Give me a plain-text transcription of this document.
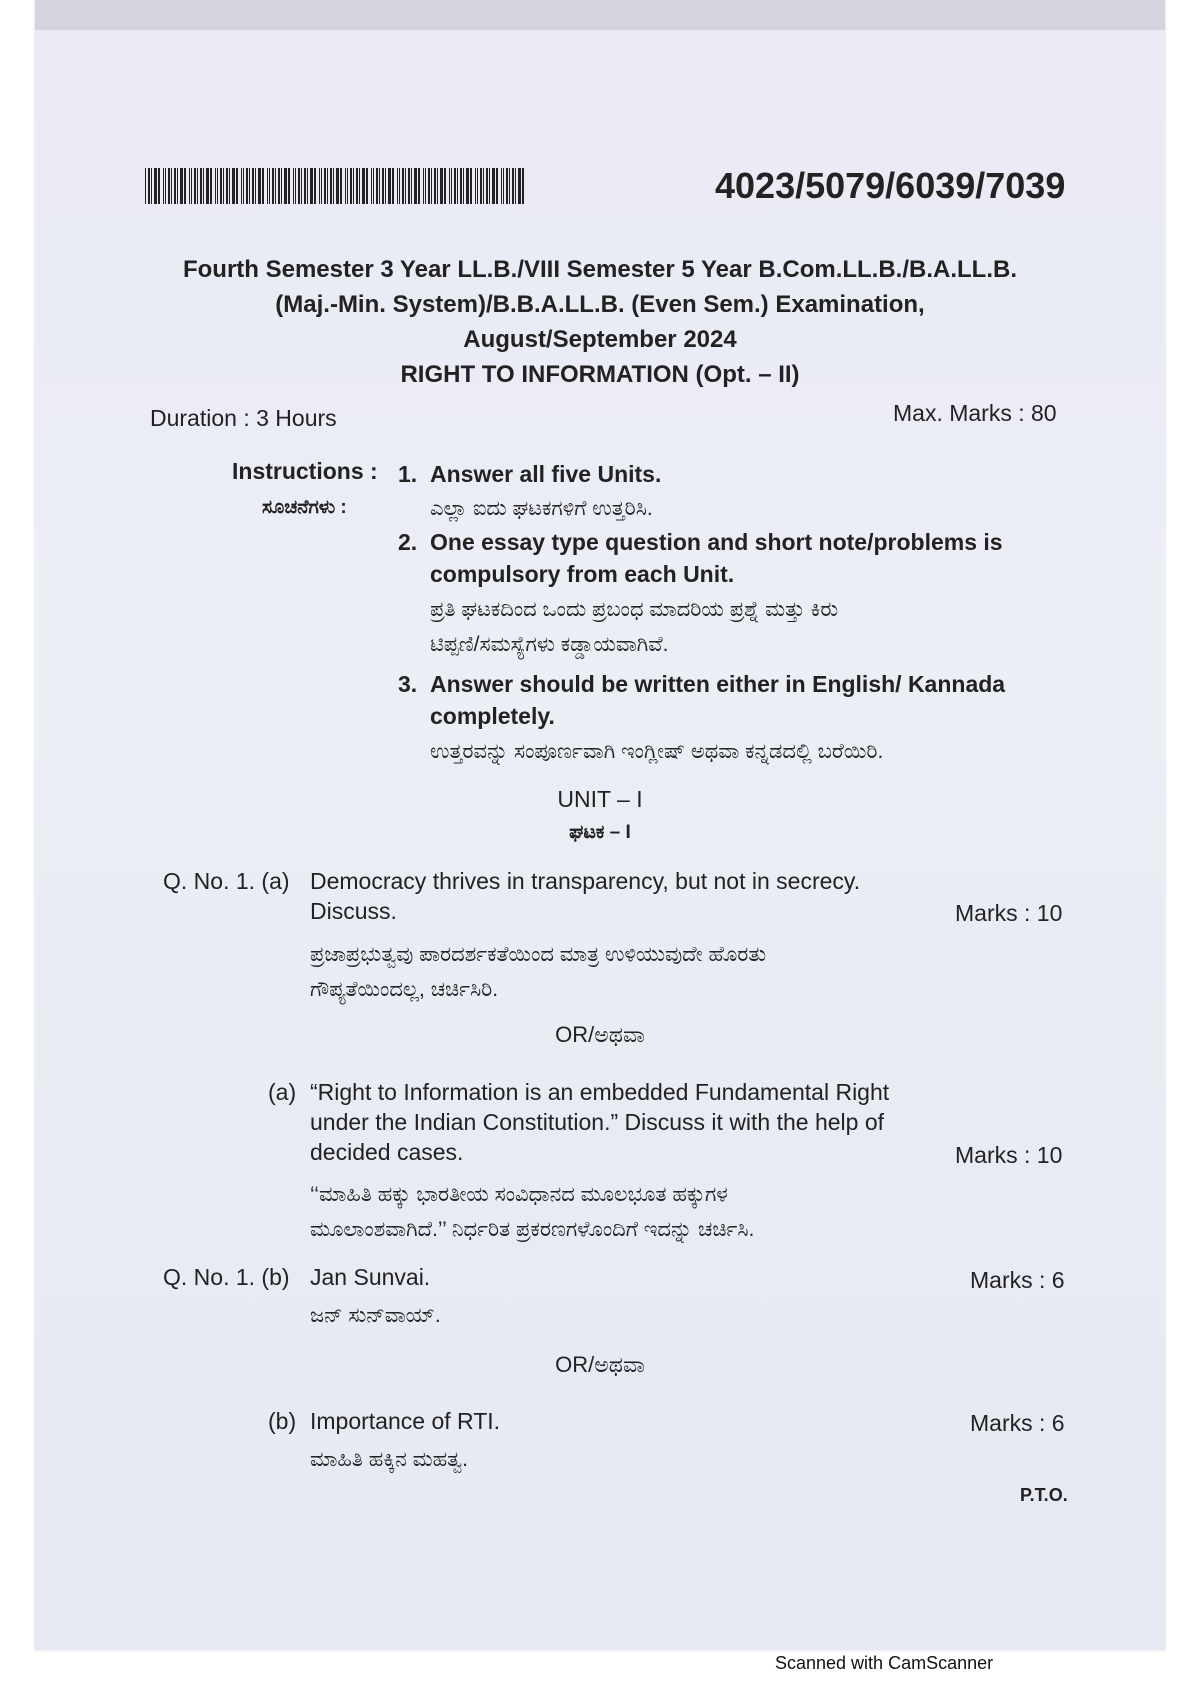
4023/5079/6039/7039
Fourth Semester 3 Year LL.B./VIII Semester 5 Year B.Com.LL.B./B.A.LL.B.
(Maj.-Min. System)/B.B.A.LL.B. (Even Sem.) Examination,
August/September 2024
RIGHT TO INFORMATION (Opt. – II)
Duration : 3 Hours	Max. Marks : 80
Instructions :
ಸೂಚನೆಗಳು :
1. Answer all five Units.
ಎಲ್ಲಾ ಐದು ಘಟಕಗಳಿಗೆ ಉತ್ತರಿಸಿ.
2. One essay type question and short note/problems is compulsory from each Unit.
ಪ್ರತಿ ಘಟಕದಿಂದ ಒಂದು ಪ್ರಬಂಧ ಮಾದರಿಯ ಪ್ರಶ್ನೆ ಮತ್ತು ಕಿರು
ಟಿಪ್ಪಣಿ/ಸಮಸ್ಯೆಗಳು ಕಡ್ಡಾಯವಾಗಿವೆ.
3. Answer should be written either in English/ Kannada completely.
ಉತ್ತರವನ್ನು ಸಂಪೂರ್ಣವಾಗಿ ಇಂಗ್ಲೀಷ್ ಅಥವಾ ಕನ್ನಡದಲ್ಲಿ ಬರೆಯಿರಿ.
UNIT – I
ಘಟಕ – I
Q. No. 1. (a) Democracy thrives in transparency, but not in secrecy. Discuss.	Marks : 10
ಪ್ರಜಾಪ್ರಭುತ್ವವು ಪಾರದರ್ಶಕತೆಯಿಂದ ಮಾತ್ರ ಉಳಿಯುವುದೇ ಹೊರತು
ಗೌಪ್ಯತೆಯಿಂದಲ್ಲ, ಚರ್ಚಿಸಿರಿ.
OR/ಅಥವಾ
(a) “Right to Information is an embedded Fundamental Right under the Indian Constitution.” Discuss it with the help of decided cases.	Marks : 10
‘‘ಮಾಹಿತಿ ಹಕ್ಕು ಭಾರತೀಯ ಸಂವಿಧಾನದ ಮೂಲಭೂತ ಹಕ್ಕುಗಳ
ಮೂಲಾಂಶವಾಗಿದೆ.’’ ನಿರ್ಧರಿತ ಪ್ರಕರಣಗಳೊಂದಿಗೆ ಇದನ್ನು ಚರ್ಚಿಸಿ.
Q. No. 1. (b) Jan Sunvai.	Marks : 6
ಜನ್ ಸುನ್‌ವಾಯ್.
OR/ಅಥವಾ
(b) Importance of RTI.	Marks : 6
ಮಾಹಿತಿ ಹಕ್ಕಿನ ಮಹತ್ವ.
P.T.O.
Scanned with CamScanner
